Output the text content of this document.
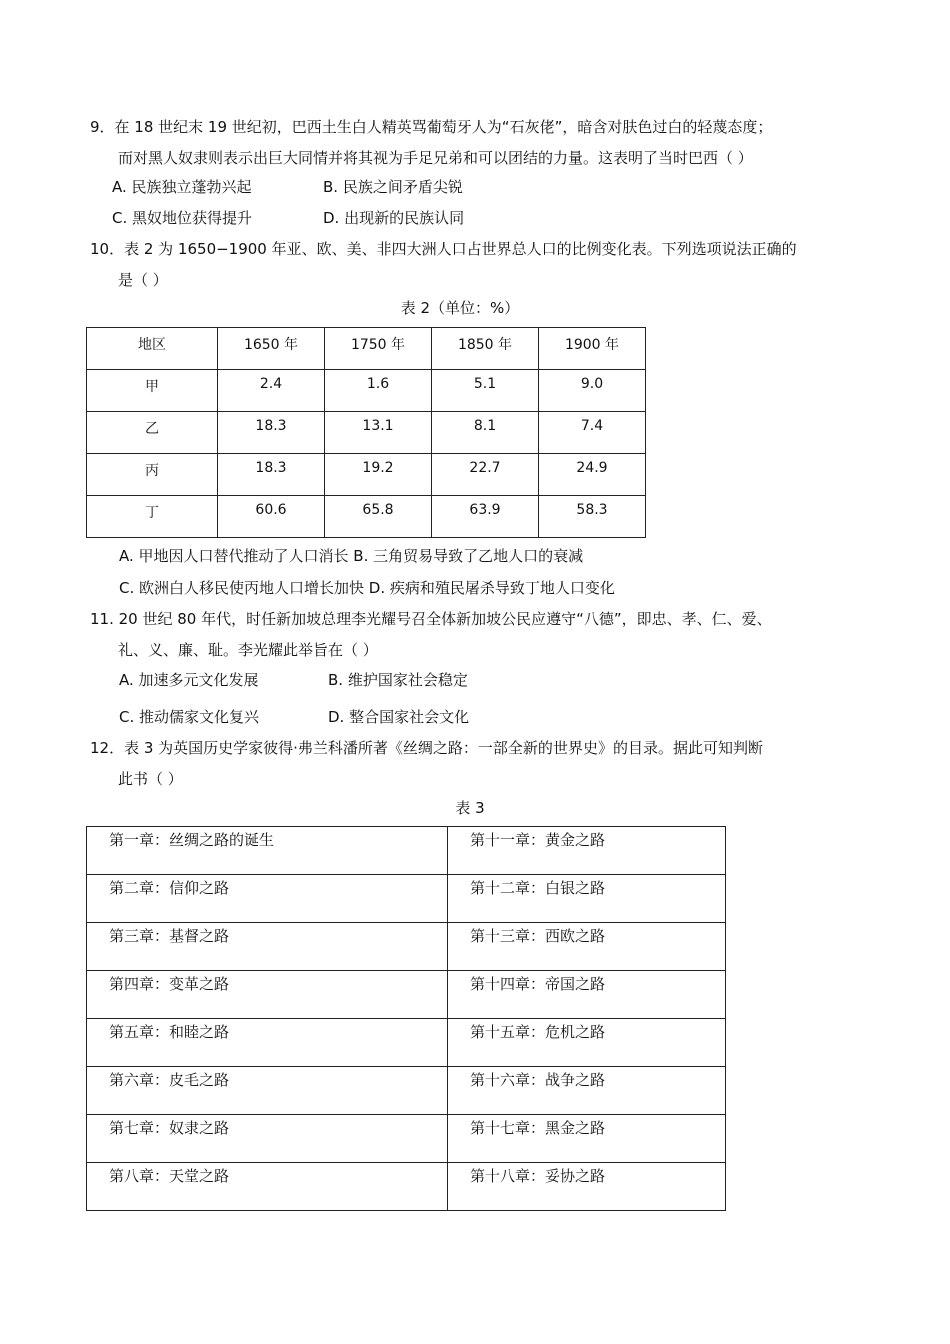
9．在 18 世纪末 19 世纪初，巴西土生白人精英骂葡萄牙人为“石灰佬”，暗含对肤色过白的轻蔑态度；
而对黑人奴隶则表示出巨大同情并将其视为手足兄弟和可以团结的力量。这表明了当时巴西（ ）
A. 民族独立蓬勃兴起	B. 民族之间矛盾尖锐
C. 黑奴地位获得提升	D. 出现新的民族认同
10．表 2 为 1650−1900 年亚、欧、美、非四大洲人口占世界总人口的比例变化表。下列选项说法正确的
是（ ）
表 2（单位：%）
地区	1650 年	1750 年	1850 年	1900 年
甲	2.4	1.6	5.1	9.0
乙	18.3	13.1	8.1	7.4
丙	18.3	19.2	22.7	24.9
丁	60.6	65.8	63.9	58.3
A. 甲地因人口替代推动了人口消长 B. 三角贸易导致了乙地人口的衰减
C. 欧洲白人移民使丙地人口增长加快 D. 疾病和殖民屠杀导致丁地人口变化
11. 20 世纪 80 年代，时任新加坡总理李光耀号召全体新加坡公民应遵守“八德”，即忠、孝、仁、爱、
礼、义、廉、耻。李光耀此举旨在（ ）
A. 加速多元文化发展	B. 维护国家社会稳定
C. 推动儒家文化复兴	D. 整合国家社会文化
12．表 3 为英国历史学家彼得·弗兰科潘所著《丝绸之路：一部全新的世界史》的目录。据此可知判断
此书（ ）
表 3
第一章：丝绸之路的诞生	第十一章：黄金之路
第二章：信仰之路	第十二章：白银之路
第三章：基督之路	第十三章：西欧之路
第四章：变革之路	第十四章：帝国之路
第五章：和睦之路	第十五章：危机之路
第六章：皮毛之路	第十六章：战争之路
第七章：奴隶之路	第十七章：黑金之路
第八章：天堂之路	第十八章：妥协之路
